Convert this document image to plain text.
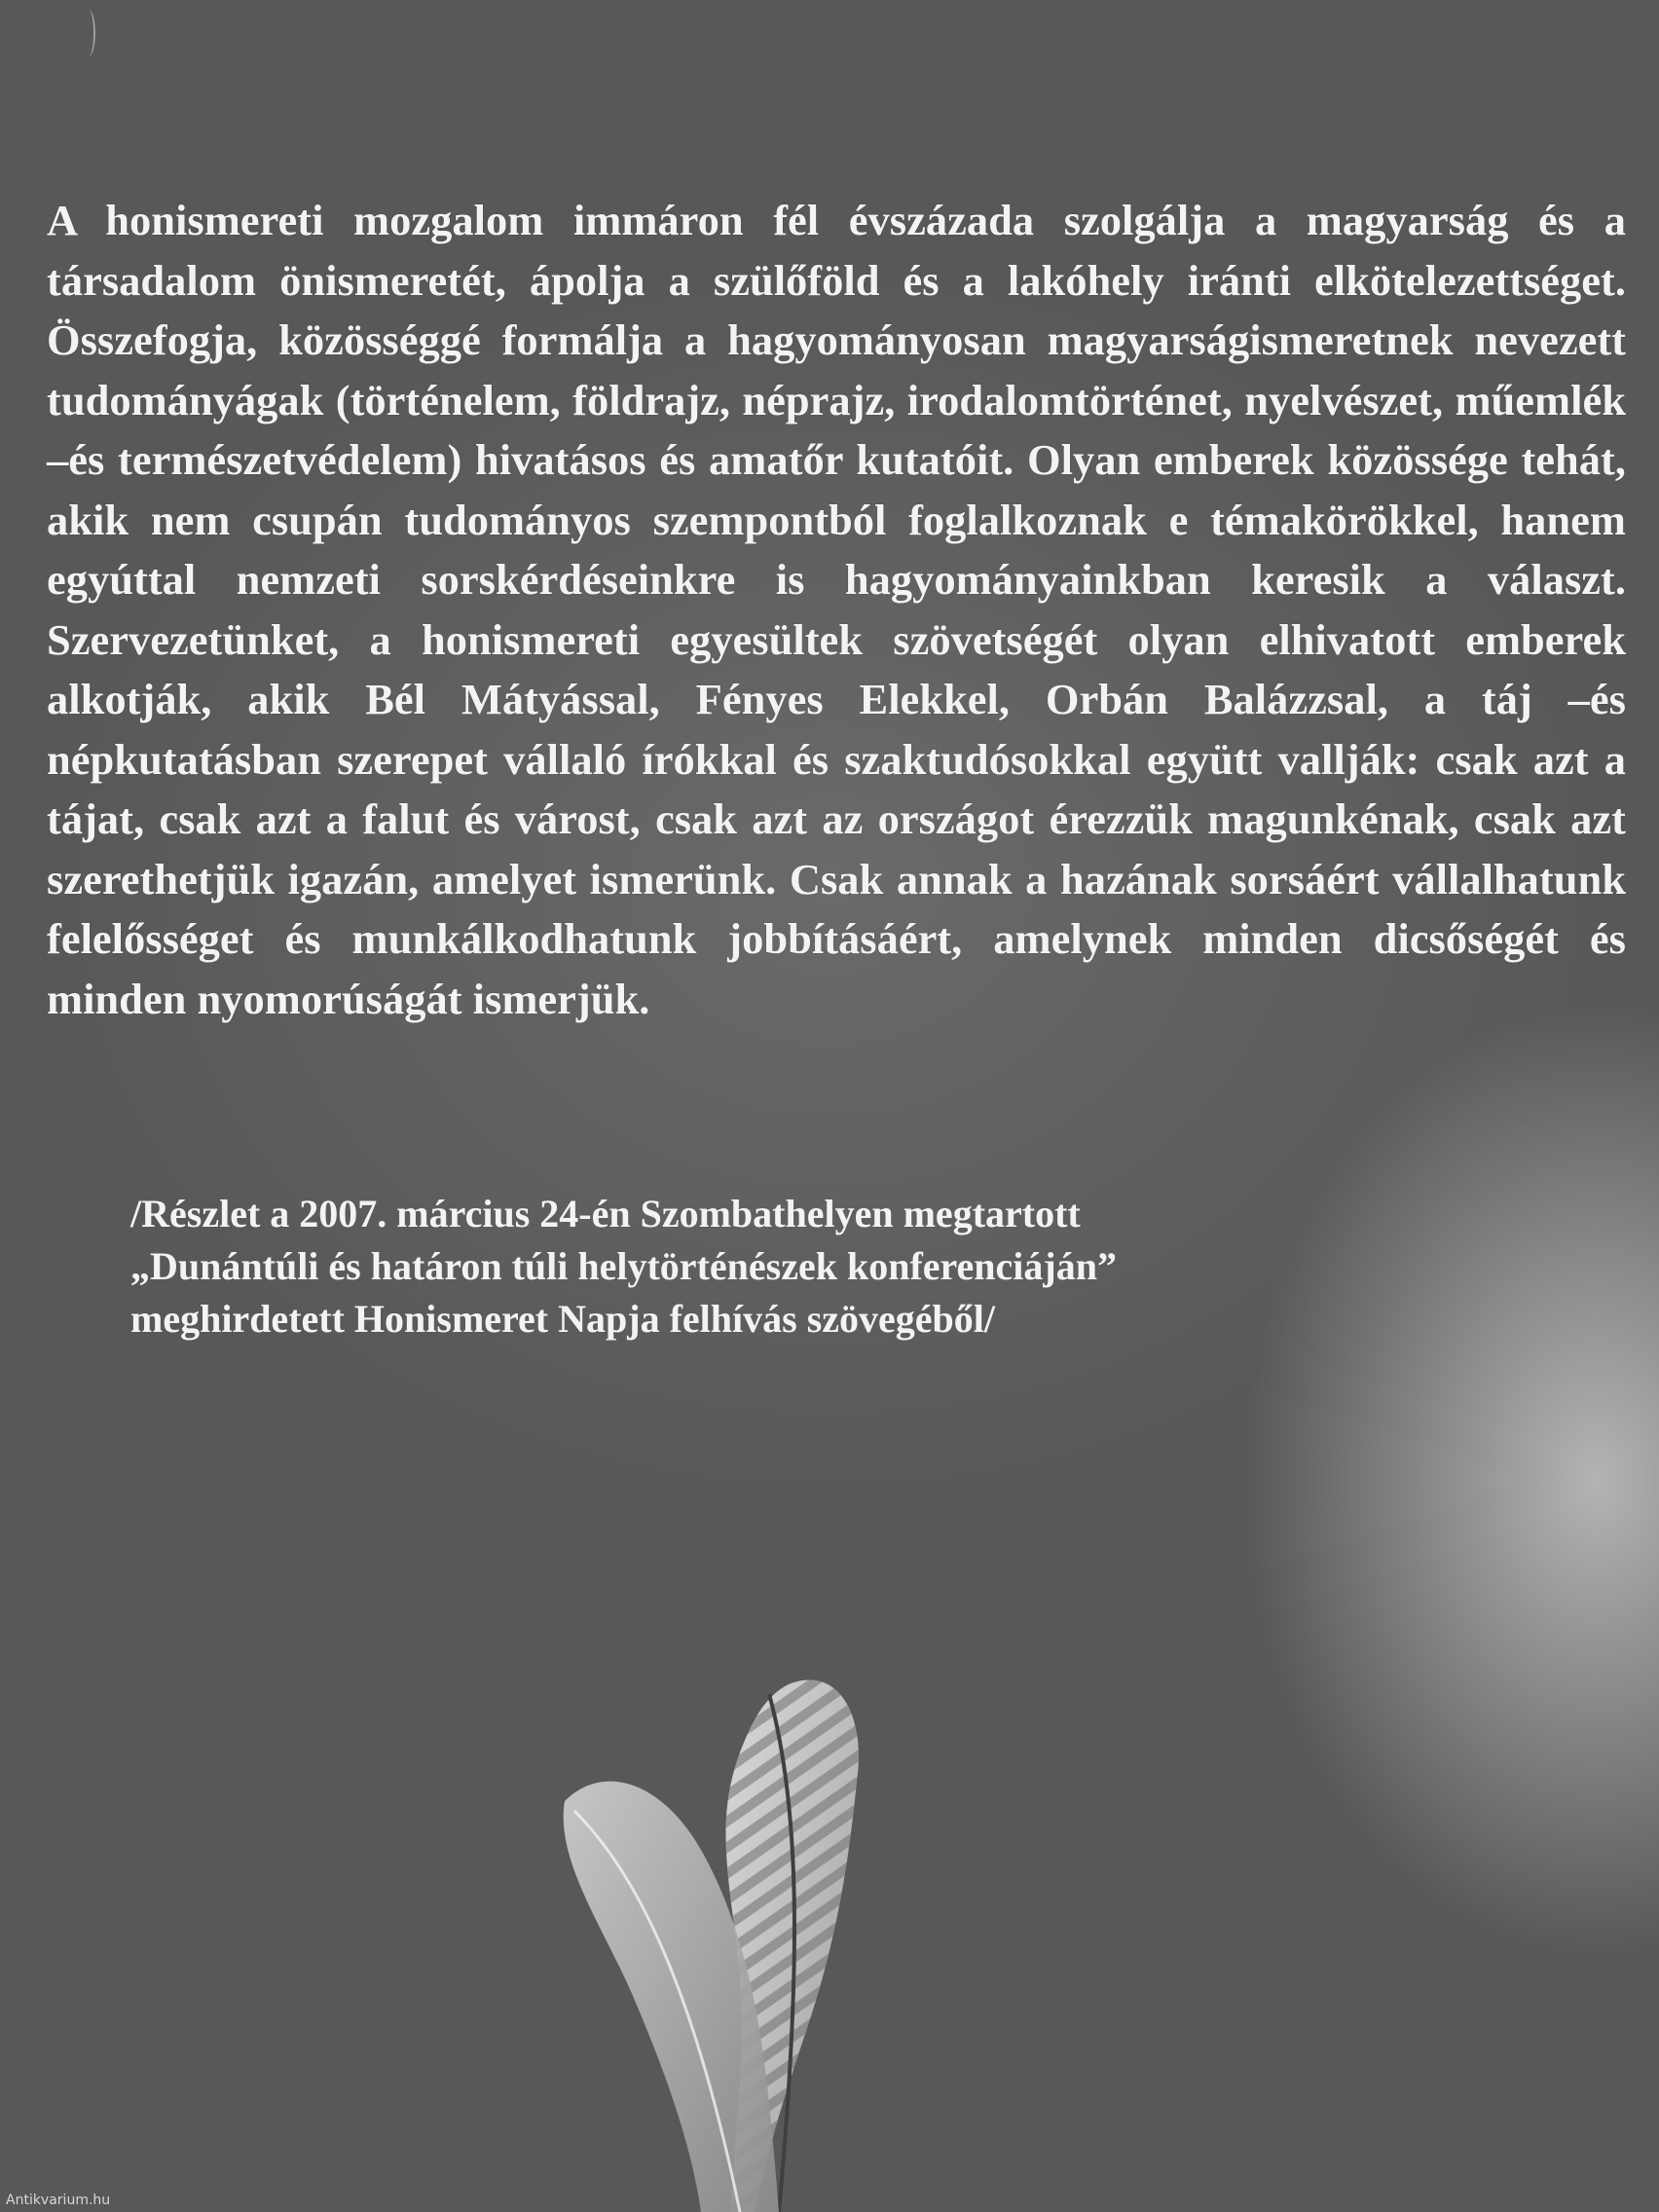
A honismereti mozgalom immáron fél évszázada szolgálja a magyarság és a társadalom önismeretét, ápolja a szülőföld és a lakóhely iránti elkötelezettséget. Összefogja, közösséggé formálja a hagyományosan magyarságismeretnek nevezett tudományágak (történelem, földrajz, néprajz, irodalomtörténet, nyelvészet, műemlék –és természetvédelem) hivatásos és amatőr kutatóit. Olyan emberek közössége tehát, akik nem csupán tudományos szempontból foglalkoznak e témakörökkel, hanem egyúttal nemzeti sorskérdéseinkre is hagyományainkban keresik a választ. Szervezetünket, a honismereti egyesültek szövetségét olyan elhivatott emberek alkotják, akik Bél Mátyással, Fényes Elekkel, Orbán Balázzsal, a táj –és népkutatásban szerepet vállaló írókkal és szaktudósokkal együtt vallják: csak azt a tájat, csak azt a falut és várost, csak azt az országot érezzük magunkénak, csak azt szerethetjük igazán, amelyet ismerünk. Csak annak a hazának sorsáért vállalhatunk felelősséget és munkálkodhatunk jobbításáért, amelynek minden dicsőségét és minden nyomorúságát ismerjük.

/Részlet a 2007. március 24-én Szombathelyen megtartott
„Dunántúli és határon túli helytörténészek konferenciáján”
meghirdetett Honismeret Napja felhívás szövegéből/
Antikvarium.hu
